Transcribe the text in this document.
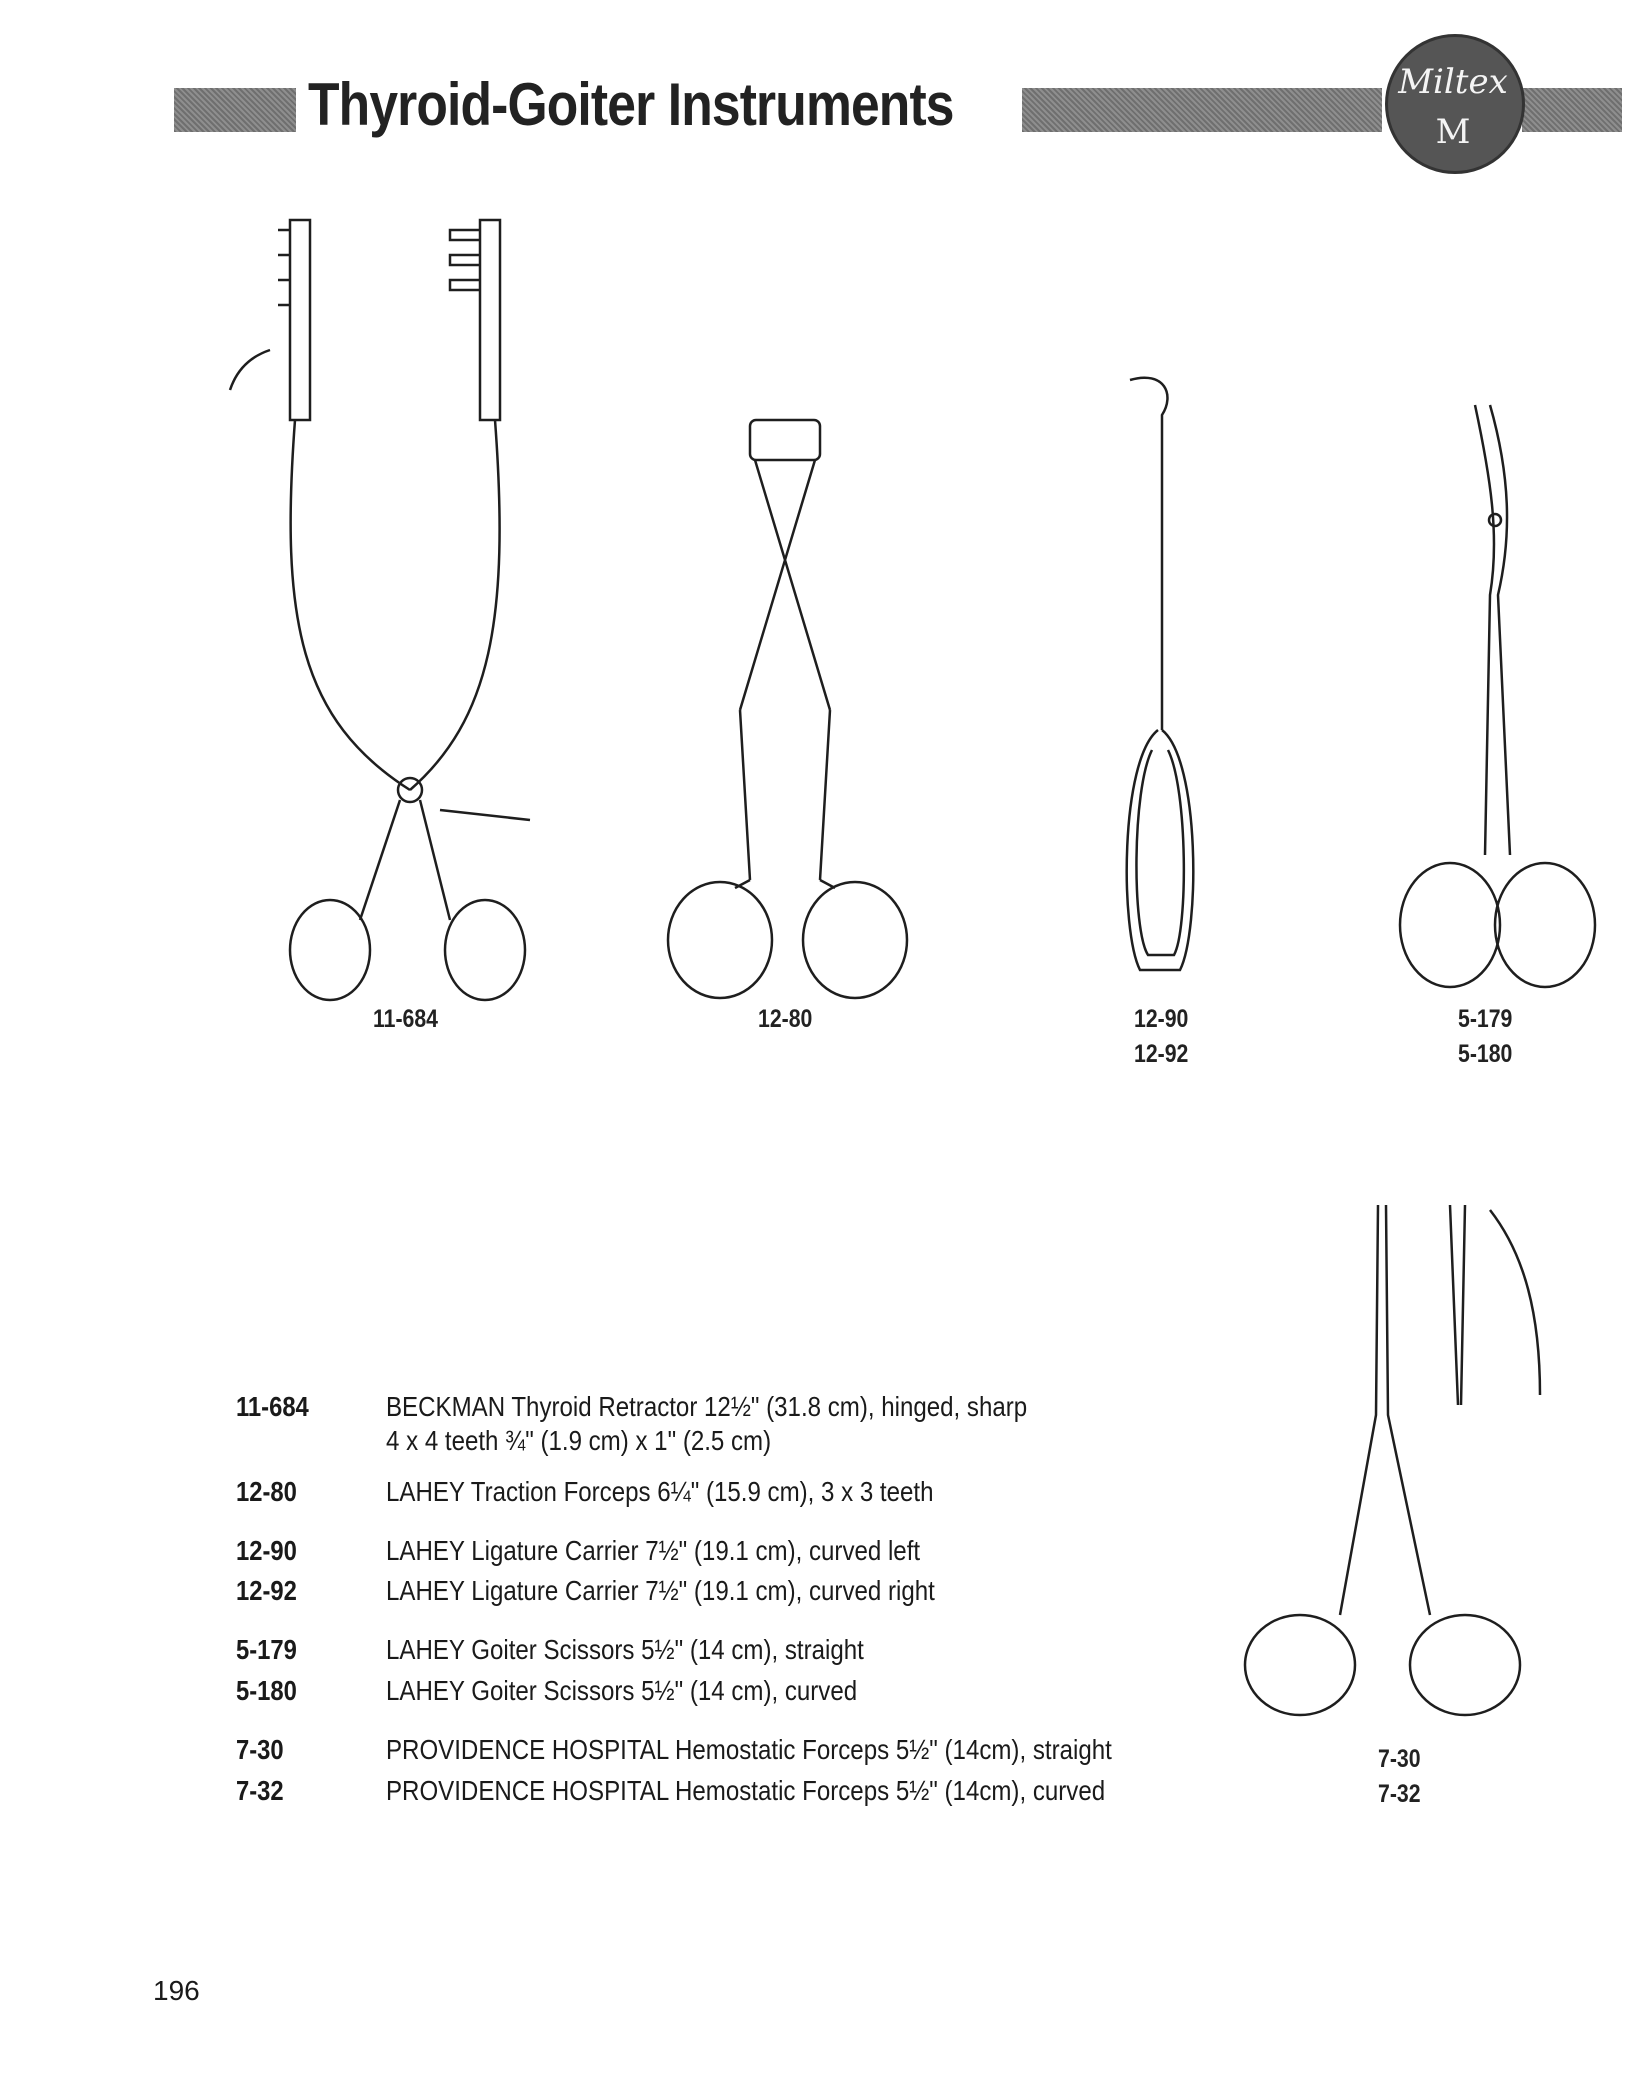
Thyroid-Goiter Instruments	Miltex
M
11-684	12-80	12-90
12-92
5-179
5-180
7-30
7-32
11-684	BECKMAN Thyroid Retractor 12½" (31.8 cm), hinged, sharp
4 x 4 teeth ¾" (1.9 cm) x 1" (2.5 cm)
12-80	LAHEY Traction Forceps 6¼" (15.9 cm), 3 x 3 teeth
12-90	LAHEY Ligature Carrier 7½" (19.1 cm), curved left
12-92	LAHEY Ligature Carrier 7½" (19.1 cm), curved right
5-179	LAHEY Goiter Scissors 5½" (14 cm), straight
5-180	LAHEY Goiter Scissors 5½" (14 cm), curved
7-30	PROVIDENCE HOSPITAL Hemostatic Forceps 5½" (14cm), straight
7-32	PROVIDENCE HOSPITAL Hemostatic Forceps 5½" (14cm), curved
196
